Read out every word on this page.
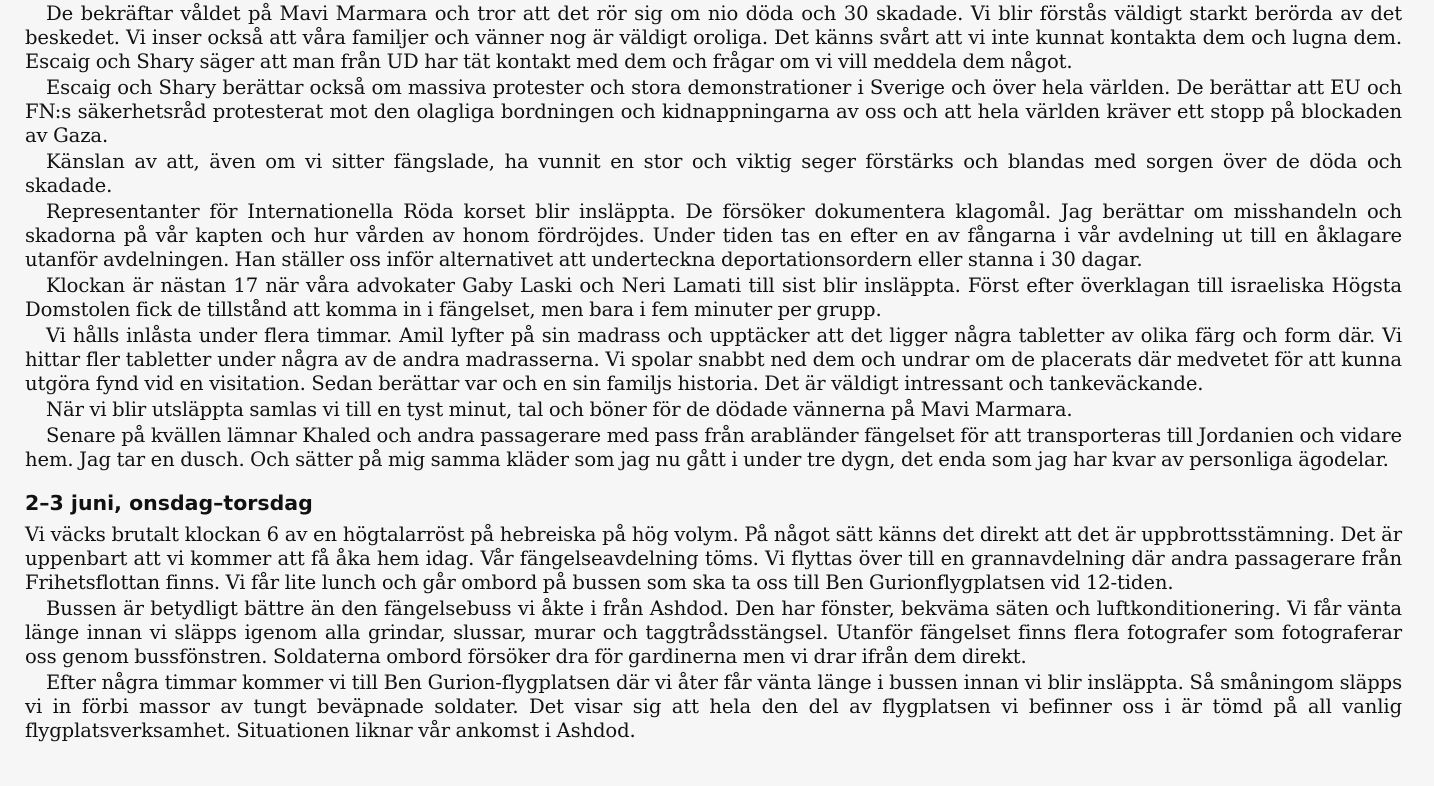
De bekräftar våldet på Mavi Marmara och tror att det rör sig om nio döda och 30 skadade. Vi blir förstås väldigt starkt berörda av det beskedet. Vi inser också att våra familjer och vänner nog är väldigt oroliga. Det känns svårt att vi inte kunnat kontakta dem och lugna dem. Escaig och Shary säger att man från UD har tät kontakt med dem och frågar om vi vill meddela dem något.

Escaig och Shary berättar också om massiva protester och stora demonstrationer i Sverige och över hela världen. De berättar att EU och FN:s säkerhetsråd protesterat mot den olagliga bordningen och kidnappningarna av oss och att hela världen kräver ett stopp på blockaden av Gaza.

Känslan av att, även om vi sitter fängslade, ha vunnit en stor och viktig seger förstärks och blandas med sorgen över de döda och skadade.

Representanter för Internationella Röda korset blir insläppta. De försöker dokumentera klagomål. Jag berättar om misshandeln och skadorna på vår kapten och hur vården av honom fördröjdes. Under tiden tas en efter en av fångarna i vår avdelning ut till en åklagare utanför avdelningen. Han ställer oss inför alternativet att underteckna deportationsordern eller stanna i 30 dagar.

Klockan är nästan 17 när våra advokater Gaby Laski och Neri Lamati till sist blir insläppta. Först efter överklagan till israeliska Högsta Domstolen fick de tillstånd att komma in i fängelset, men bara i fem minuter per grupp.

Vi hålls inlåsta under flera timmar. Amil lyfter på sin madrass och upptäcker att det ligger några tabletter av olika färg och form där. Vi hittar fler tabletter under några av de andra madrasserna. Vi spolar snabbt ned dem och undrar om de placerats där medvetet för att kunna utgöra fynd vid en visitation. Sedan berättar var och en sin familjs historia. Det är väldigt intressant och tankeväckande.

När vi blir utsläppta samlas vi till en tyst minut, tal och böner för de dödade vännerna på Mavi Marmara.

Senare på kvällen lämnar Khaled och andra passagerare med pass från arabländer fängelset för att transporteras till Jordanien och vidare hem. Jag tar en dusch. Och sätter på mig samma kläder som jag nu gått i under tre dygn, det enda som jag har kvar av personliga ägodelar.

2–3 juni, onsdag–torsdag

Vi väcks brutalt klockan 6 av en högtalarröst på hebreiska på hög volym. På något sätt känns det direkt att det är uppbrottsstämning. Det är uppenbart att vi kommer att få åka hem idag. Vår fängelseavdelning töms. Vi flyttas över till en grannavdelning där andra passagerare från Frihetsflottan finns. Vi får lite lunch och går ombord på bussen som ska ta oss till Ben Gurionflygplatsen vid 12-tiden.

Bussen är betydligt bättre än den fängelsebuss vi åkte i från Ashdod. Den har fönster, bekväma säten och luftkonditionering. Vi får vänta länge innan vi släpps igenom alla grindar, slussar, murar och taggtrådsstängsel. Utanför fängelset finns flera fotografer som fotograferar oss genom bussfönstren. Soldaterna ombord försöker dra för gardinerna men vi drar ifrån dem direkt.

Efter några timmar kommer vi till Ben Gurion-flygplatsen där vi åter får vänta länge i bussen innan vi blir insläppta. Så småningom släpps vi in förbi massor av tungt beväpnade soldater. Det visar sig att hela den del av flygplatsen vi befinner oss i är tömd på all vanlig flygplatsverksamhet. Situationen liknar vår ankomst i Ashdod.
